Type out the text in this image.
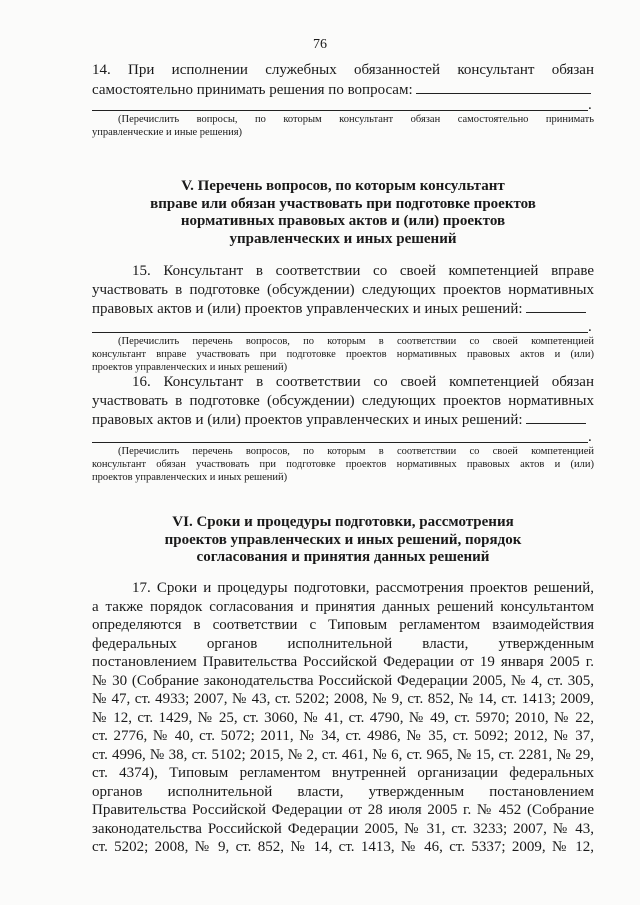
76
14. При исполнении служебных обязанностей консультант обязан
самостоятельно принимать решения по вопросам:
.
(Перечислить вопросы, по которым консультант обязан самостоятельно принимать
управленческие и иные решения)
V. Перечень вопросов, по которым консультант
вправе или обязан участвовать при подготовке проектов
нормативных правовых актов и (или) проектов
управленческих и иных решений
15. Консультант в соответствии со своей компетенцией вправе
участвовать в подготовке (обсуждении) следующих проектов нормативных
правовых актов и (или) проектов управленческих и иных решений:
.
(Перечислить перечень вопросов, по которым в соответствии со своей компетенцией
консультант вправе участвовать при подготовке проектов нормативных правовых актов и (или)
проектов управленческих и иных решений)
16. Консультант в соответствии со своей компетенцией обязан
участвовать в подготовке (обсуждении) следующих проектов нормативных
правовых актов и (или) проектов управленческих и иных решений:
.
(Перечислить перечень вопросов, по которым в соответствии со своей компетенцией
консультант обязан участвовать при подготовке проектов нормативных правовых актов и (или)
проектов управленческих и иных решений)
VI. Сроки и процедуры подготовки, рассмотрения
проектов управленческих и иных решений, порядок
согласования и принятия данных решений
17. Сроки и процедуры подготовки, рассмотрения проектов решений,
а также порядок согласования и принятия данных решений консультантом
определяются в соответствии с Типовым регламентом взаимодействия
федеральных органов исполнительной власти, утвержденным
постановлением Правительства Российской Федерации от 19 января 2005 г.
№ 30 (Собрание законодательства Российской Федерации 2005, № 4, ст. 305,
№ 47, ст. 4933; 2007, № 43, ст. 5202; 2008, № 9, ст. 852, № 14, ст. 1413; 2009,
№ 12, ст. 1429, № 25, ст. 3060, № 41, ст. 4790, № 49, ст. 5970; 2010, № 22,
ст. 2776, № 40, ст. 5072; 2011, № 34, ст. 4986, № 35, ст. 5092; 2012, № 37,
ст. 4996, № 38, ст. 5102; 2015, № 2, ст. 461, № 6, ст. 965, № 15, ст. 2281, № 29,
ст. 4374), Типовым регламентом внутренней организации федеральных
органов исполнительной власти, утвержденным постановлением
Правительства Российской Федерации от 28 июля 2005 г. № 452 (Собрание
законодательства Российской Федерации 2005, № 31, ст. 3233; 2007, № 43,
ст. 5202; 2008, № 9, ст. 852, № 14, ст. 1413, № 46, ст. 5337; 2009, № 12,
